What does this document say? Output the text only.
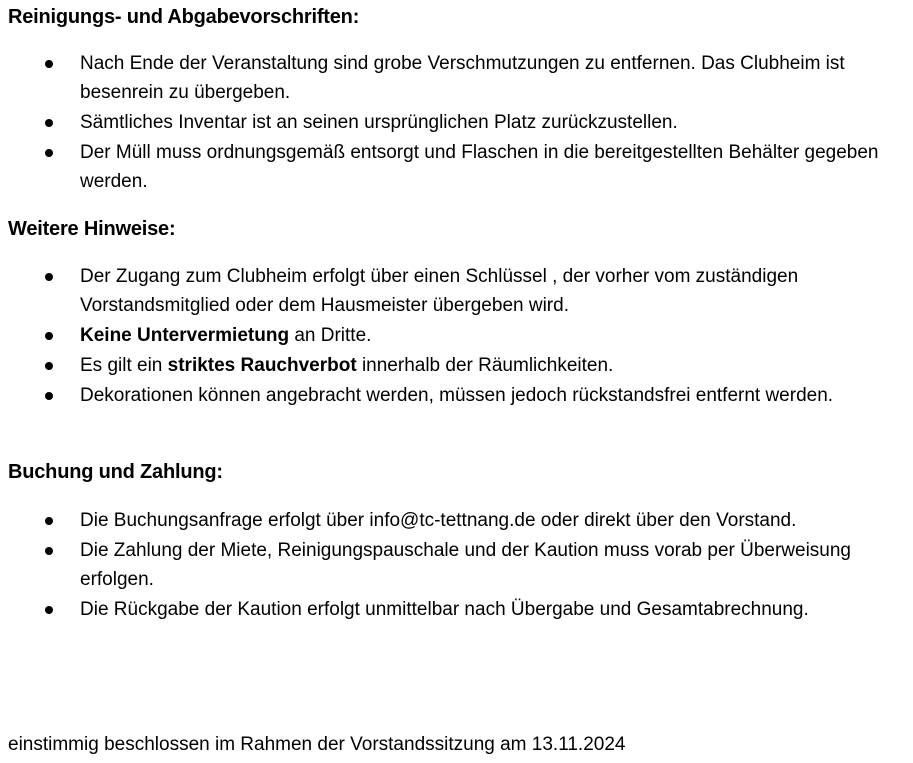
Reinigungs- und Abgabevorschriften:
Nach Ende der Veranstaltung sind grobe Verschmutzungen zu entfernen. Das Clubheim ist besenrein zu übergeben.
Sämtliches Inventar ist an seinen ursprünglichen Platz zurückzustellen.
Der Müll muss ordnungsgemäß entsorgt und Flaschen in die bereitgestellten Behälter gegeben werden.
Weitere Hinweise:
Der Zugang zum Clubheim erfolgt über einen Schlüssel , der vorher vom zuständigen Vorstandsmitglied oder dem Hausmeister übergeben wird.
Keine Untervermietung an Dritte.
Es gilt ein striktes Rauchverbot innerhalb der Räumlichkeiten.
Dekorationen können angebracht werden, müssen jedoch rückstandsfrei entfernt werden.
Buchung und Zahlung:
Die Buchungsanfrage erfolgt über info@tc-tettnang.de oder direkt über den Vorstand.
Die Zahlung der Miete, Reinigungspauschale und der Kaution muss vorab per Überweisung erfolgen.
Die Rückgabe der Kaution erfolgt unmittelbar nach Übergabe und Gesamtabrechnung.

einstimmig beschlossen im Rahmen der Vorstandssitzung am 13.11.2024
